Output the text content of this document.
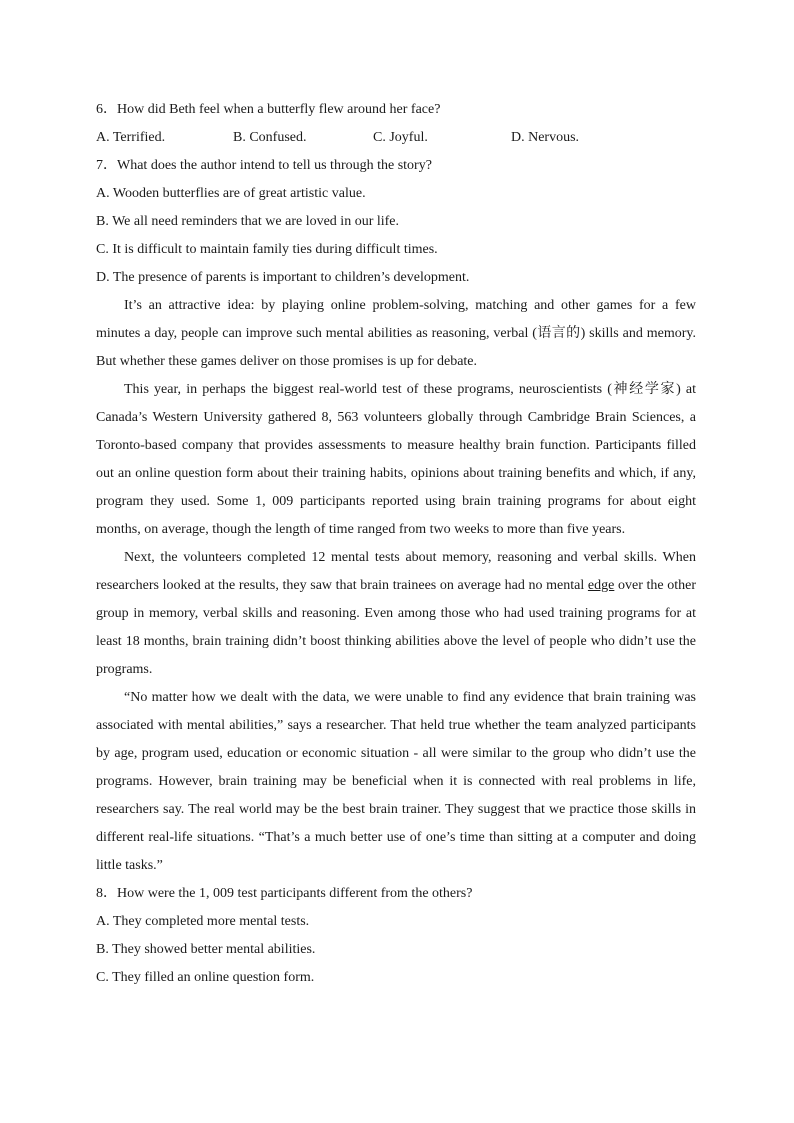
6．How did Beth feel when a butterfly flew around her face?

A. Terrified.	B. Confused.	C. Joyful.	D. Nervous.

7．What does the author intend to tell us through the story?

A. Wooden butterflies are of great artistic value.

B. We all need reminders that we are loved in our life.

C. It is difficult to maintain family ties during difficult times.

D. The presence of parents is important to children’s development.

It’s an attractive idea: by playing online problem-solving, matching and other games for a few minutes a day, people can improve such mental abilities as reasoning, verbal (语言的) skills and memory. But whether these games deliver on those promises is up for debate.

This year, in perhaps the biggest real-world test of these programs, neuroscientists (神经学家) at Canada’s Western University gathered 8, 563 volunteers globally through Cambridge Brain Sciences, a Toronto-based company that provides assessments to measure healthy brain function. Participants filled out an online question form about their training habits, opinions about training benefits and which, if any, program they used. Some 1, 009 participants reported using brain training programs for about eight months, on average, though the length of time ranged from two weeks to more than five years.

Next, the volunteers completed 12 mental tests about memory, reasoning and verbal skills. When researchers looked at the results, they saw that brain trainees on average had no mental edge over the other group in memory, verbal skills and reasoning. Even among those who had used training programs for at least 18 months, brain training didn’t boost thinking abilities above the level of people who didn’t use the programs.

“No matter how we dealt with the data, we were unable to find any evidence that brain training was associated with mental abilities,” says a researcher. That held true whether the team analyzed participants by age, program used, education or economic situation - all were similar to the group who didn’t use the programs. However, brain training may be beneficial when it is connected with real problems in life, researchers say. The real world may be the best brain trainer. They suggest that we practice those skills in different real-life situations. “That’s a much better use of one’s time than sitting at a computer and doing little tasks.”

8．How were the 1, 009 test participants different from the others?

A. They completed more mental tests.

B. They showed better mental abilities.

C. They filled an online question form.
